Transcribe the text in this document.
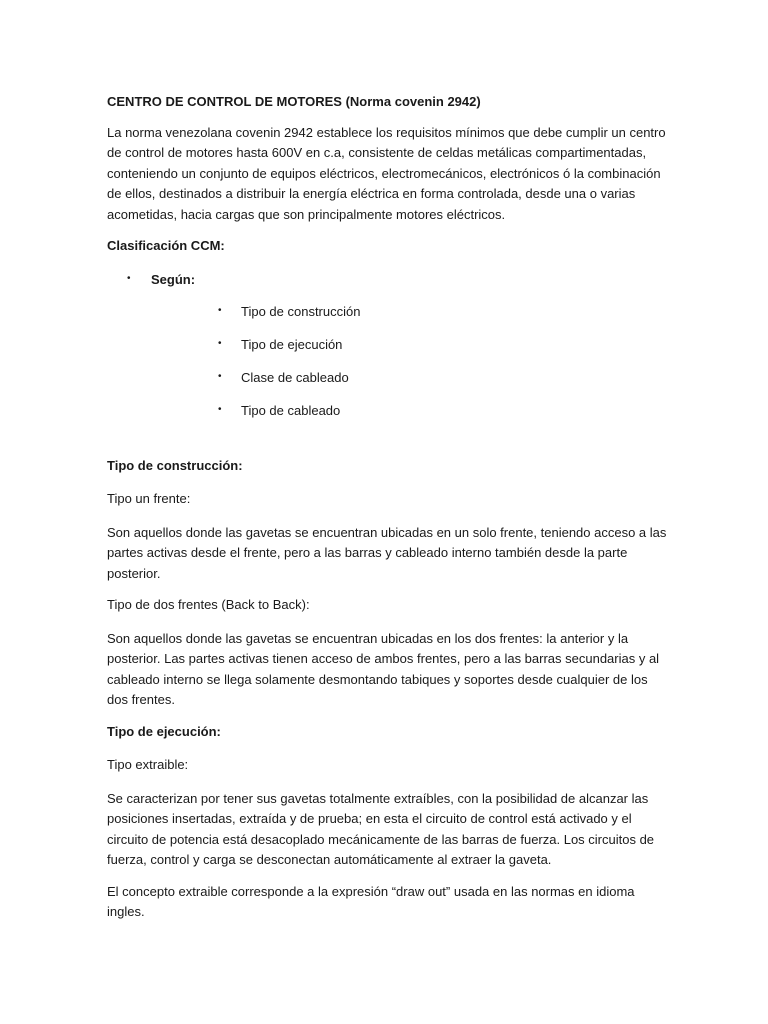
CENTRO DE CONTROL DE MOTORES (Norma covenin 2942)

La norma venezolana covenin 2942 establece los requisitos mínimos que debe cumplir un centro de control de motores hasta 600V en c.a, consistente de celdas metálicas compartimentadas, conteniendo un conjunto de equipos eléctricos, electromecánicos, electrónicos ó la combinación de ellos, destinados a distribuir la energía eléctrica en forma controlada, desde una o varias acometidas, hacia cargas que son principalmente motores eléctricos.

Clasificación CCM:

• Según:
• Tipo de construcción
• Tipo de ejecución
• Clase de cableado
• Tipo de cableado

Tipo de construcción:

Tipo un frente:

Son aquellos donde las gavetas se encuentran ubicadas en un solo frente, teniendo acceso a las partes activas desde el frente, pero a las barras y cableado interno también desde la parte posterior.

Tipo de dos frentes (Back to Back):

Son aquellos donde las gavetas se encuentran ubicadas en los dos frentes: la anterior y la posterior. Las partes activas tienen acceso de ambos frentes, pero a las barras secundarias y al cableado interno se llega solamente desmontando tabiques y soportes desde cualquier de los dos frentes.

Tipo de ejecución:

Tipo extraible:

Se caracterizan por tener sus gavetas totalmente extraíbles, con la posibilidad de alcanzar las posiciones insertadas, extraída y de prueba; en esta el circuito de control está activado y el circuito de potencia está desacoplado mecánicamente de las barras de fuerza. Los circuitos de fuerza, control y carga se desconectan automáticamente al extraer la gaveta.

El concepto extraible corresponde a la expresión “draw out” usada en las normas en idioma ingles.
